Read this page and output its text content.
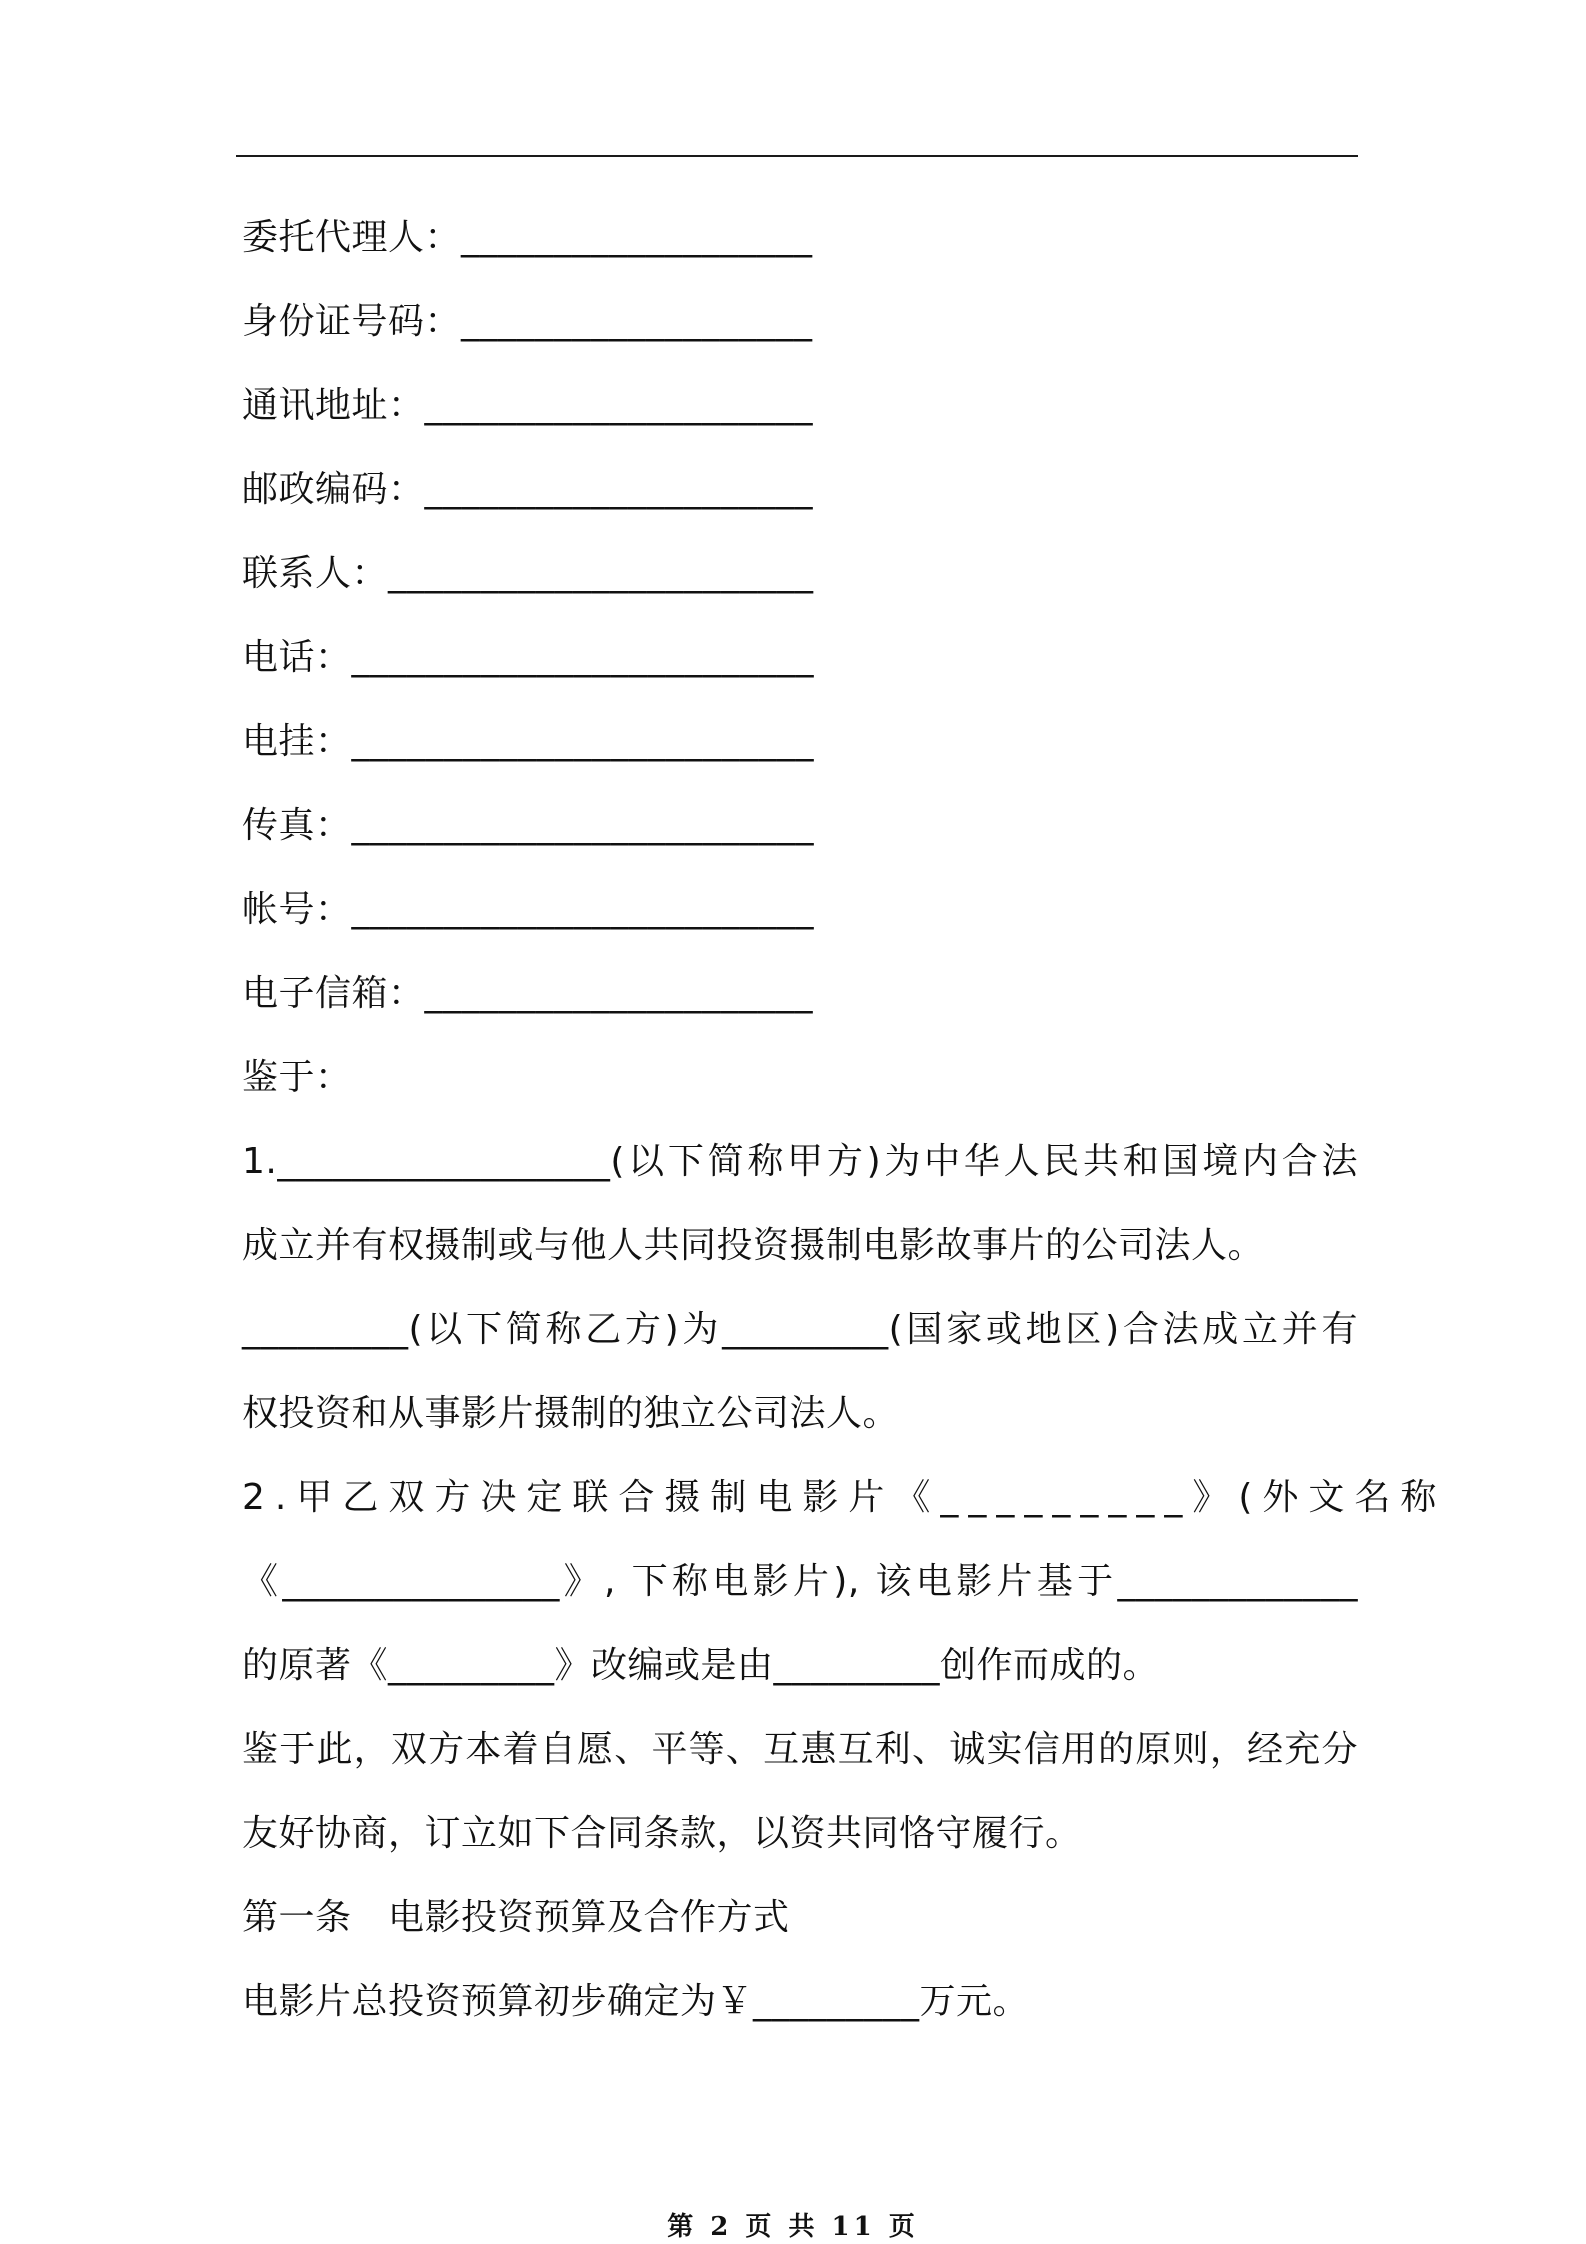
委托代理人：___________________
身份证号码：___________________
通讯地址：_____________________
邮政编码：_____________________
联系人：_______________________
电话：_________________________
电挂：_________________________
传真：_________________________
帐号：_________________________
电子信箱：_____________________
鉴于：
1.__________________(以下简称甲方)为中华人民共和国境内合法
成立并有权摄制或与他人共同投资摄制电影故事片的公司法人。
_________(以下简称乙方)为_________(国家或地区)合法成立并有
权投资和从事影片摄制的独立公司法人。
2.甲乙双方决定联合摄制电影片《_________》(外文名称
《_______________》, 下称电影片), 该电影片基于_____________
的原著《_________》改编或是由_________创作而成的。
鉴于此，双方本着自愿、平等、互惠互利、诚实信用的原则，经充分
友好协商，订立如下合同条款，以资共同恪守履行。
第一条　电影投资预算及合作方式
电影片总投资预算初步确定为￥_________万元。
第 2 页 共 11 页
